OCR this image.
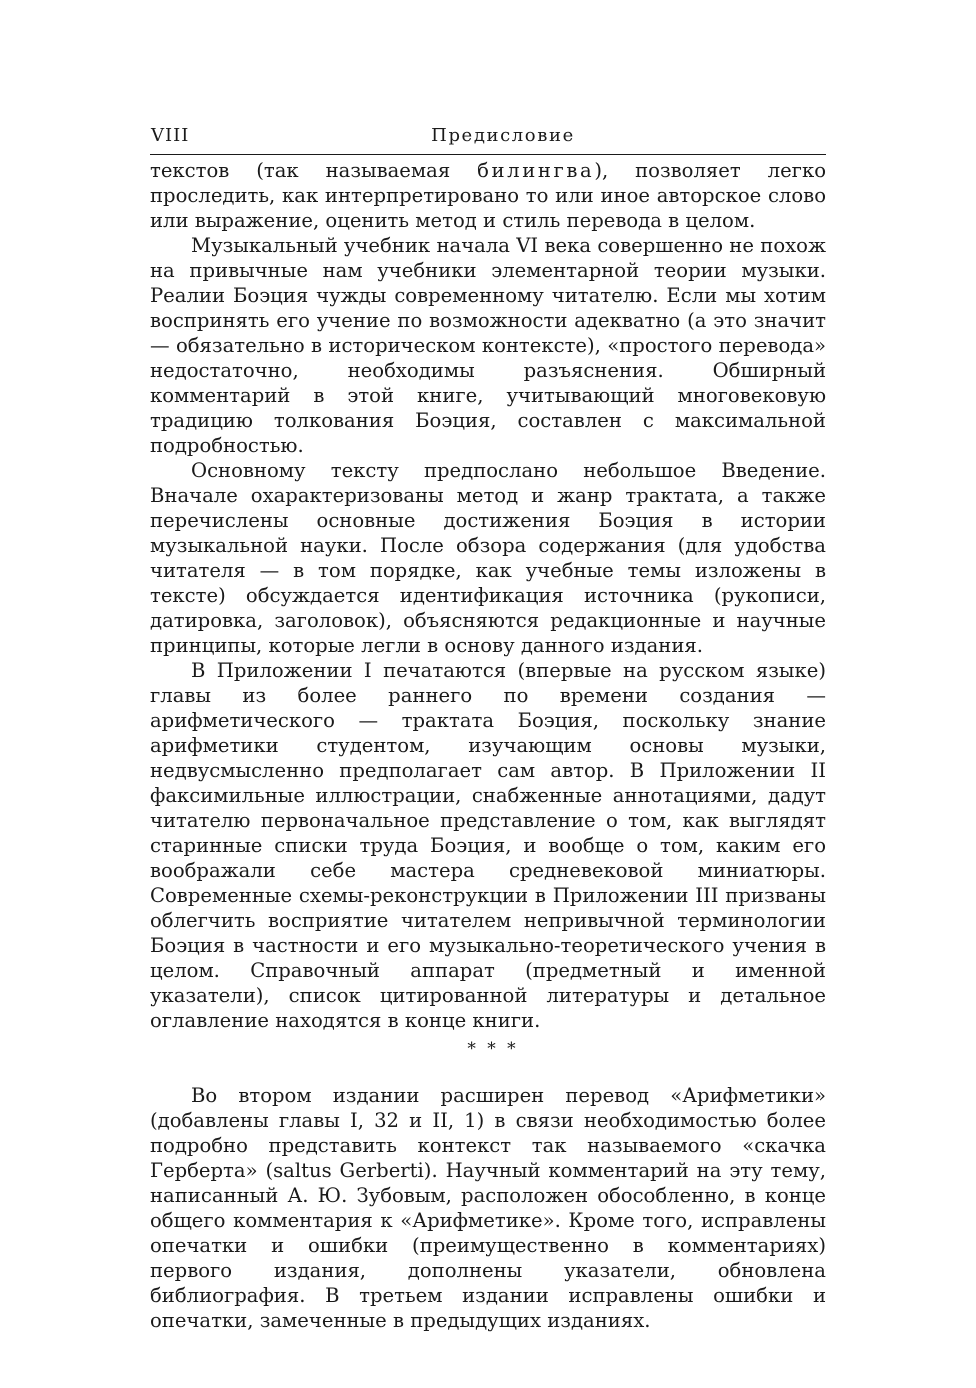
VIII	Предисловие

текстов (так называемая билингва), позволяет легко проследить, как интерпретировано то или иное авторское слово или выражение, оценить метод и стиль перевода в целом.

Музыкальный учебник начала VI века совершенно не похож на привычные нам учебники элементарной теории музыки. Реалии Боэция чужды современному читателю. Если мы хотим воспринять его учение по возможности адекватно (а это значит — обязательно в историческом контексте), «простого перевода» недостаточно, необходимы разъяснения. Обширный комментарий в этой книге, учитывающий многовековую традицию толкования Боэция, составлен с максимальной подробностью.

Основному тексту предпослано небольшое Введение. Вначале охарактеризованы метод и жанр трактата, а также перечислены основные достижения Боэция в истории музыкальной науки. После обзора содержания (для удобства читателя — в том порядке, как учебные темы изложены в тексте) обсуждается идентификация источника (рукописи, датировка, заголовок), объясняются редакционные и научные принципы, которые легли в основу данного издания.

В Приложении I печатаются (впервые на русском языке) главы из более раннего по времени создания — арифметического — трактата Боэция, поскольку знание арифметики студентом, изучающим основы музыки, недвусмысленно предполагает сам автор. В Приложении II факсимильные иллюстрации, снабженные аннотациями, дадут читателю первоначальное представление о том, как выглядят старинные списки труда Боэция, и вообще о том, каким его воображали себе мастера средневековой миниатюры. Современные схемы-реконструкции в Приложении III призваны облегчить восприятие читателем непривычной терминологии Боэция в частности и его музыкально-теоретического учения в целом. Справочный аппарат (предметный и именной указатели), список цитированной литературы и детальное оглавление находятся в конце книги.

* * *

Во втором издании расширен перевод «Арифметики» (добавлены главы I, 32 и II, 1) в связи необходимостью более подробно представить контекст так называемого «скачка Герберта» (saltus Gerberti). Научный комментарий на эту тему, написанный А. Ю. Зубовым, расположен обособленно, в конце общего комментария к «Арифметике». Кроме того, исправлены опечатки и ошибки (преимущественно в комментариях) первого издания, дополнены указатели, обновлена библиография. В третьем издании исправлены ошибки и опечатки, замеченные в предыдущих изданиях.
